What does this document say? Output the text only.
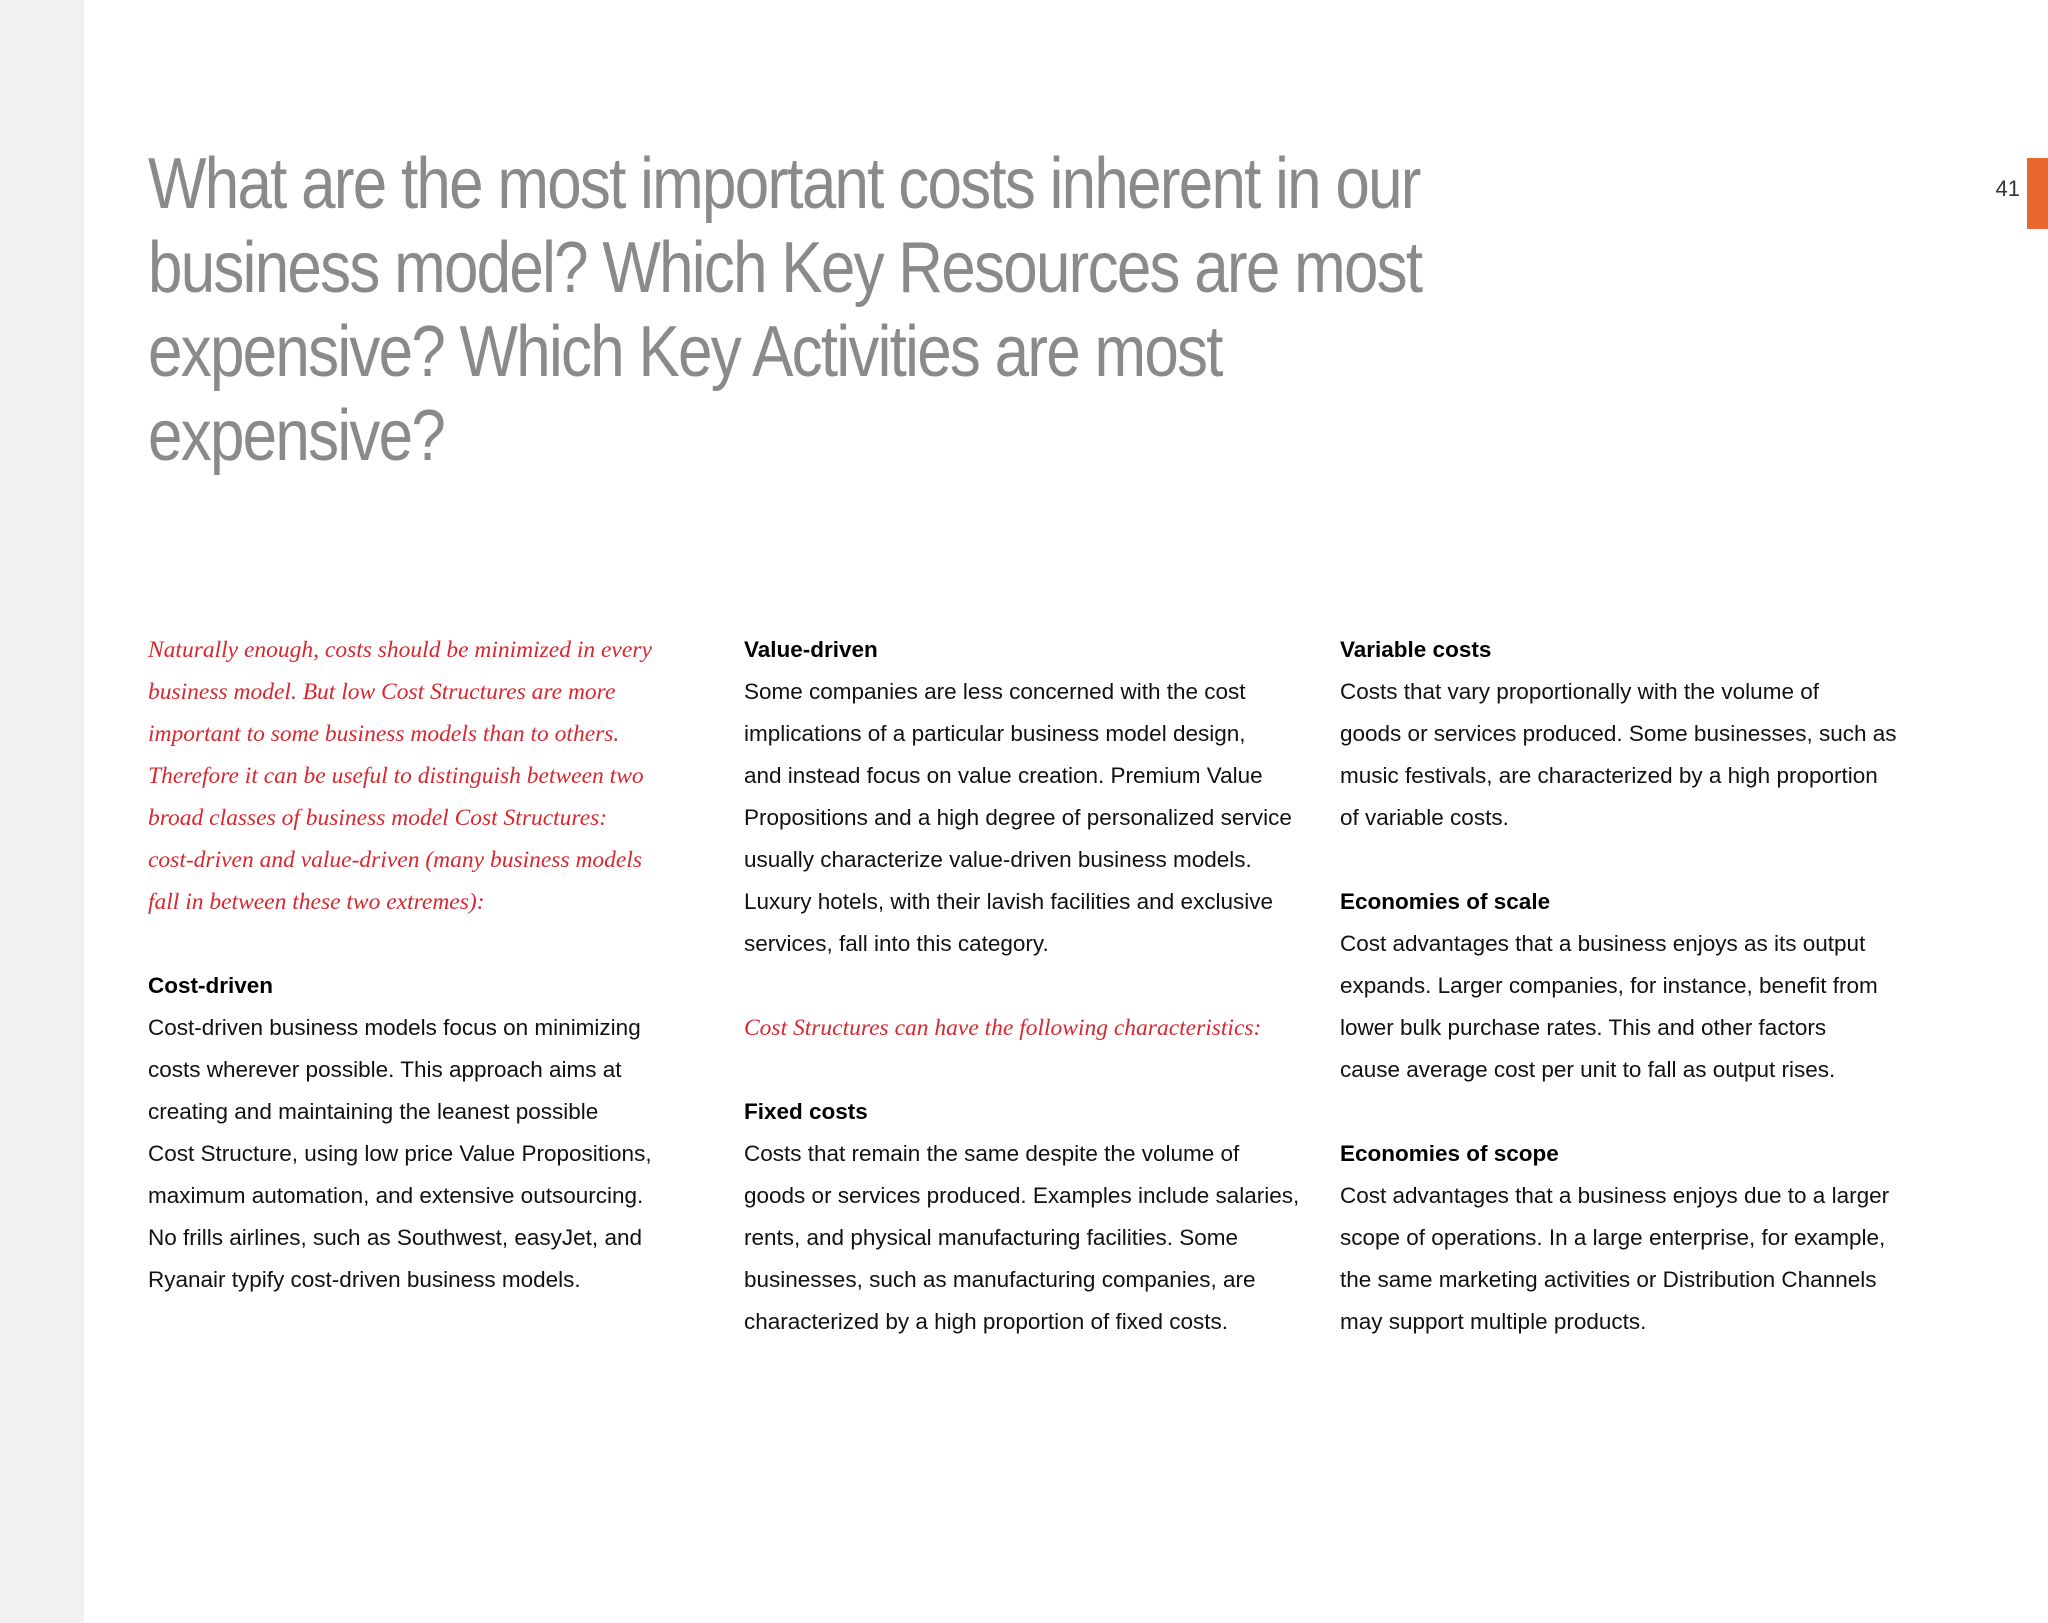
41
What are the most important costs inherent in our business model? Which Key Resources are most expensive? Which Key Activities are most expensive?

Naturally enough, costs should be minimized in every
business model. But low Cost Structures are more
important to some business models than to others.
Therefore it can be useful to distinguish between two
broad classes of business model Cost Structures:
cost-driven and value-driven (many business models
fall in between these two extremes):

Cost-driven

Cost-driven business models focus on minimizing
costs wherever possible. This approach aims at
creating and maintaining the leanest possible
Cost Structure, using low price Value Propositions,
maximum automation, and extensive outsourcing.
No frills airlines, such as Southwest, easyJet, and
Ryanair typify cost-driven business models.

Value-driven

Some companies are less concerned with the cost
implications of a particular business model design,
and instead focus on value creation. Premium Value
Propositions and a high degree of personalized service
usually characterize value-driven business models.
Luxury hotels, with their lavish facilities and exclusive
services, fall into this category.

Cost Structures can have the following characteristics:

Fixed costs

Costs that remain the same despite the volume of
goods or services produced. Examples include salaries,
rents, and physical manufacturing facilities. Some
businesses, such as manufacturing companies, are
characterized by a high proportion of fixed costs.

Variable costs

Costs that vary proportionally with the volume of
goods or services produced. Some businesses, such as
music festivals, are characterized by a high proportion
of variable costs.

Economies of scale

Cost advantages that a business enjoys as its output
expands. Larger companies, for instance, benefit from
lower bulk purchase rates. This and other factors
cause average cost per unit to fall as output rises.

Economies of scope

Cost advantages that a business enjoys due to a larger
scope of operations. In a large enterprise, for example,
the same marketing activities or Distribution Channels
may support multiple products.
